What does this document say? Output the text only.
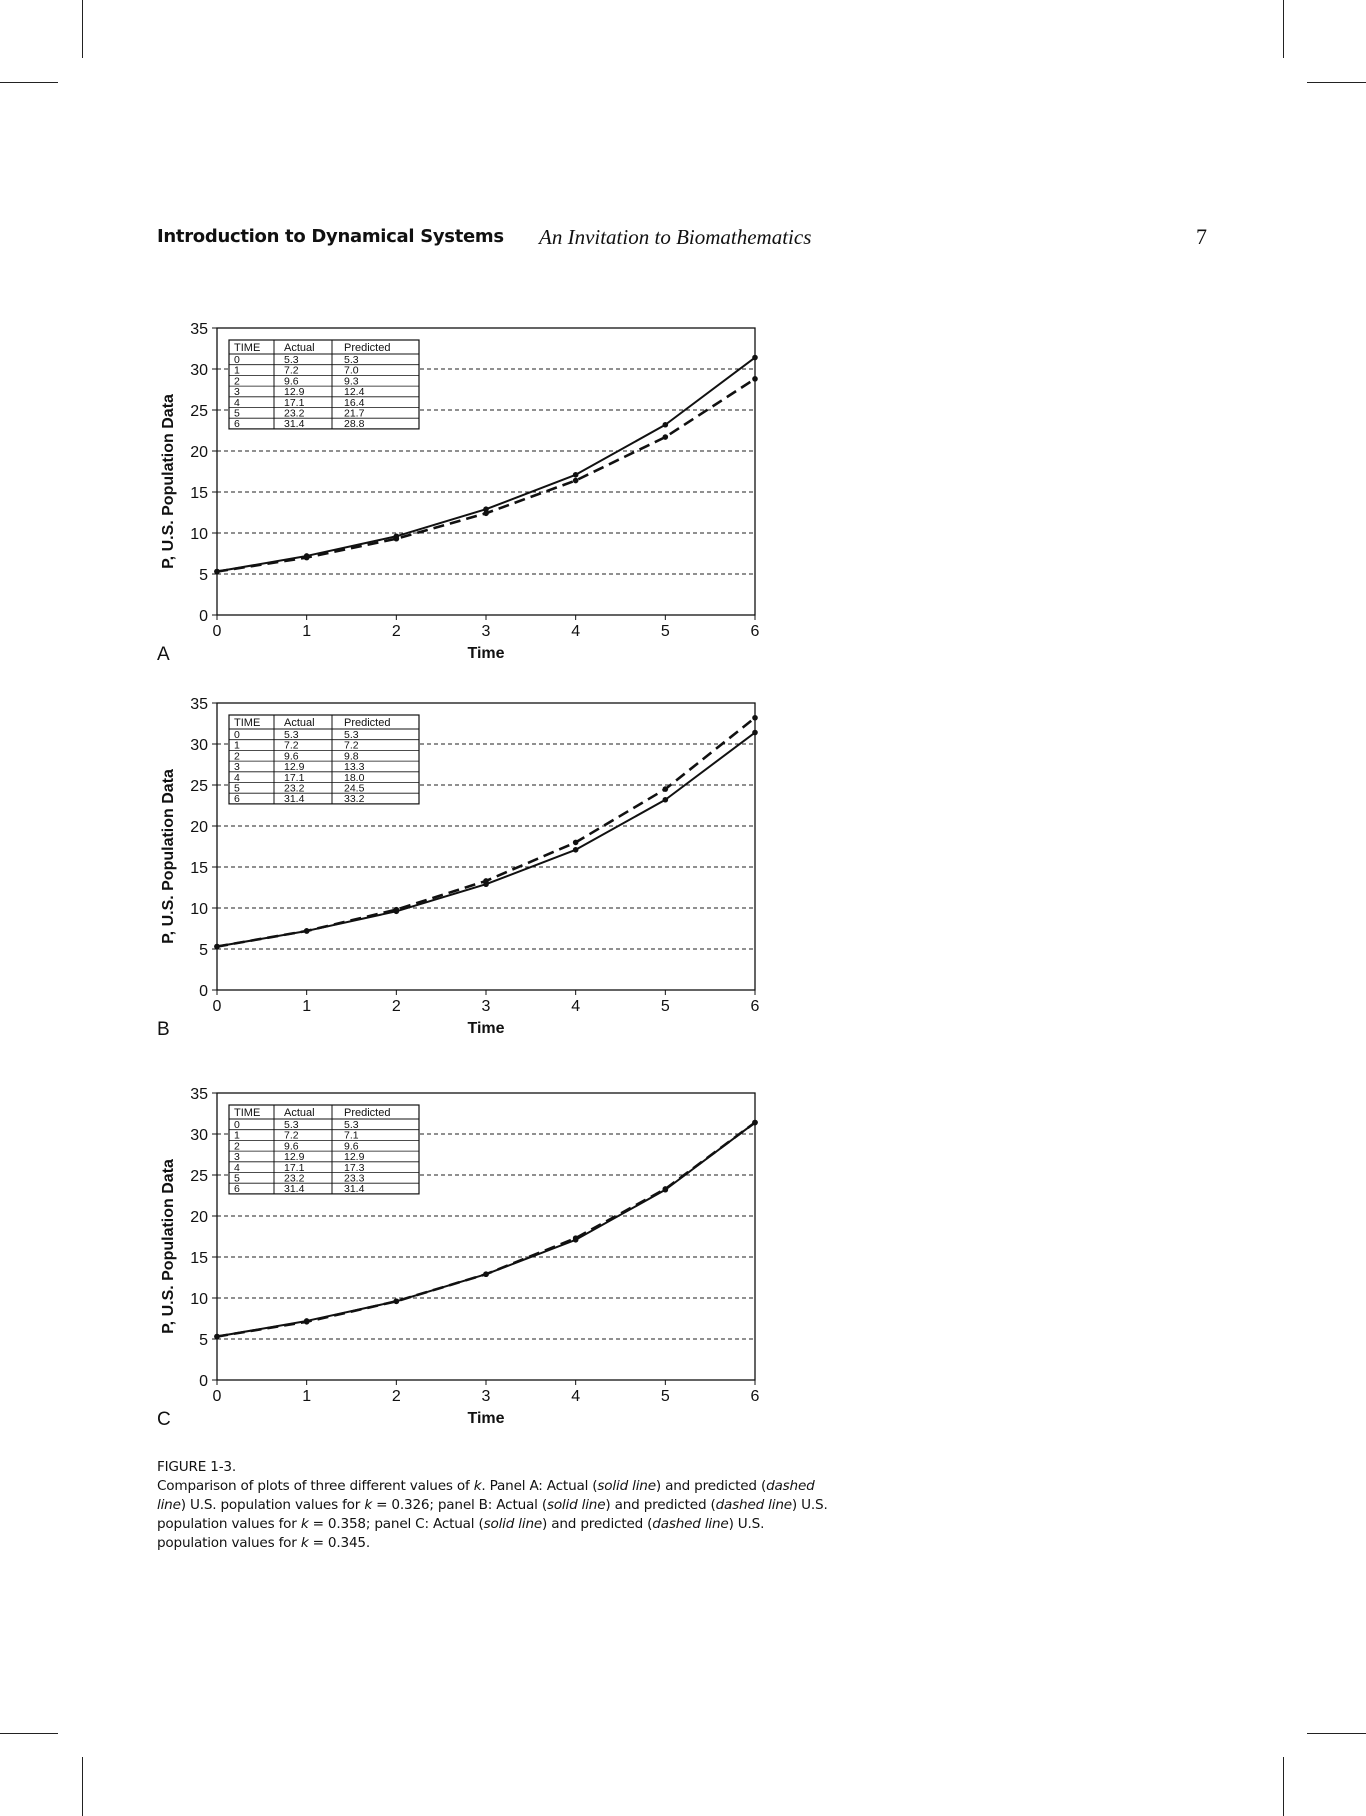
Introduction to Dynamical Systems An Invitation to Biomathematics	7
0
5
10
15
20
25
30
35
0	1	2	3	4	5	6
Time
P, U.S. Population Data
A
TIME Actual	Predicted
0	5.3	5.3
1	7.2	7.0
2	9.6	9.3
3	12.9	12.4
4	17.1	16.4
5	23.2	21.7
6	31.4	28.8
0
5
10
15
20
25
30
35
0	1	2	3	4	5	6
Time
P, U.S. Population Data
B
TIME Actual	Predicted
0	5.3	5.3
1	7.2	7.2
2	9.6	9.8
3	12.9	13.3
4	17.1	18.0
5	23.2	24.5
6	31.4	33.2
0
5
10
15
20
25
30
35
0	1	2	3	4	5	6
Time
P, U.S. Population Data
C
TIME Actual	Predicted
0	5.3	5.3
1	7.2	7.1
2	9.6	9.6
3	12.9	12.9
4	17.1	17.3
5	23.2	23.3
6	31.4	31.4
FIGURE 1-3.
Comparison of plots of three different values of k. Panel A: Actual (solid line) and predicted (dashed line) U.S. population values for k = 0.326; panel B: Actual (solid line) and predicted (dashed line) U.S. population values for k = 0.358; panel C: Actual (solid line) and predicted (dashed line) U.S. population values for k = 0.345.
